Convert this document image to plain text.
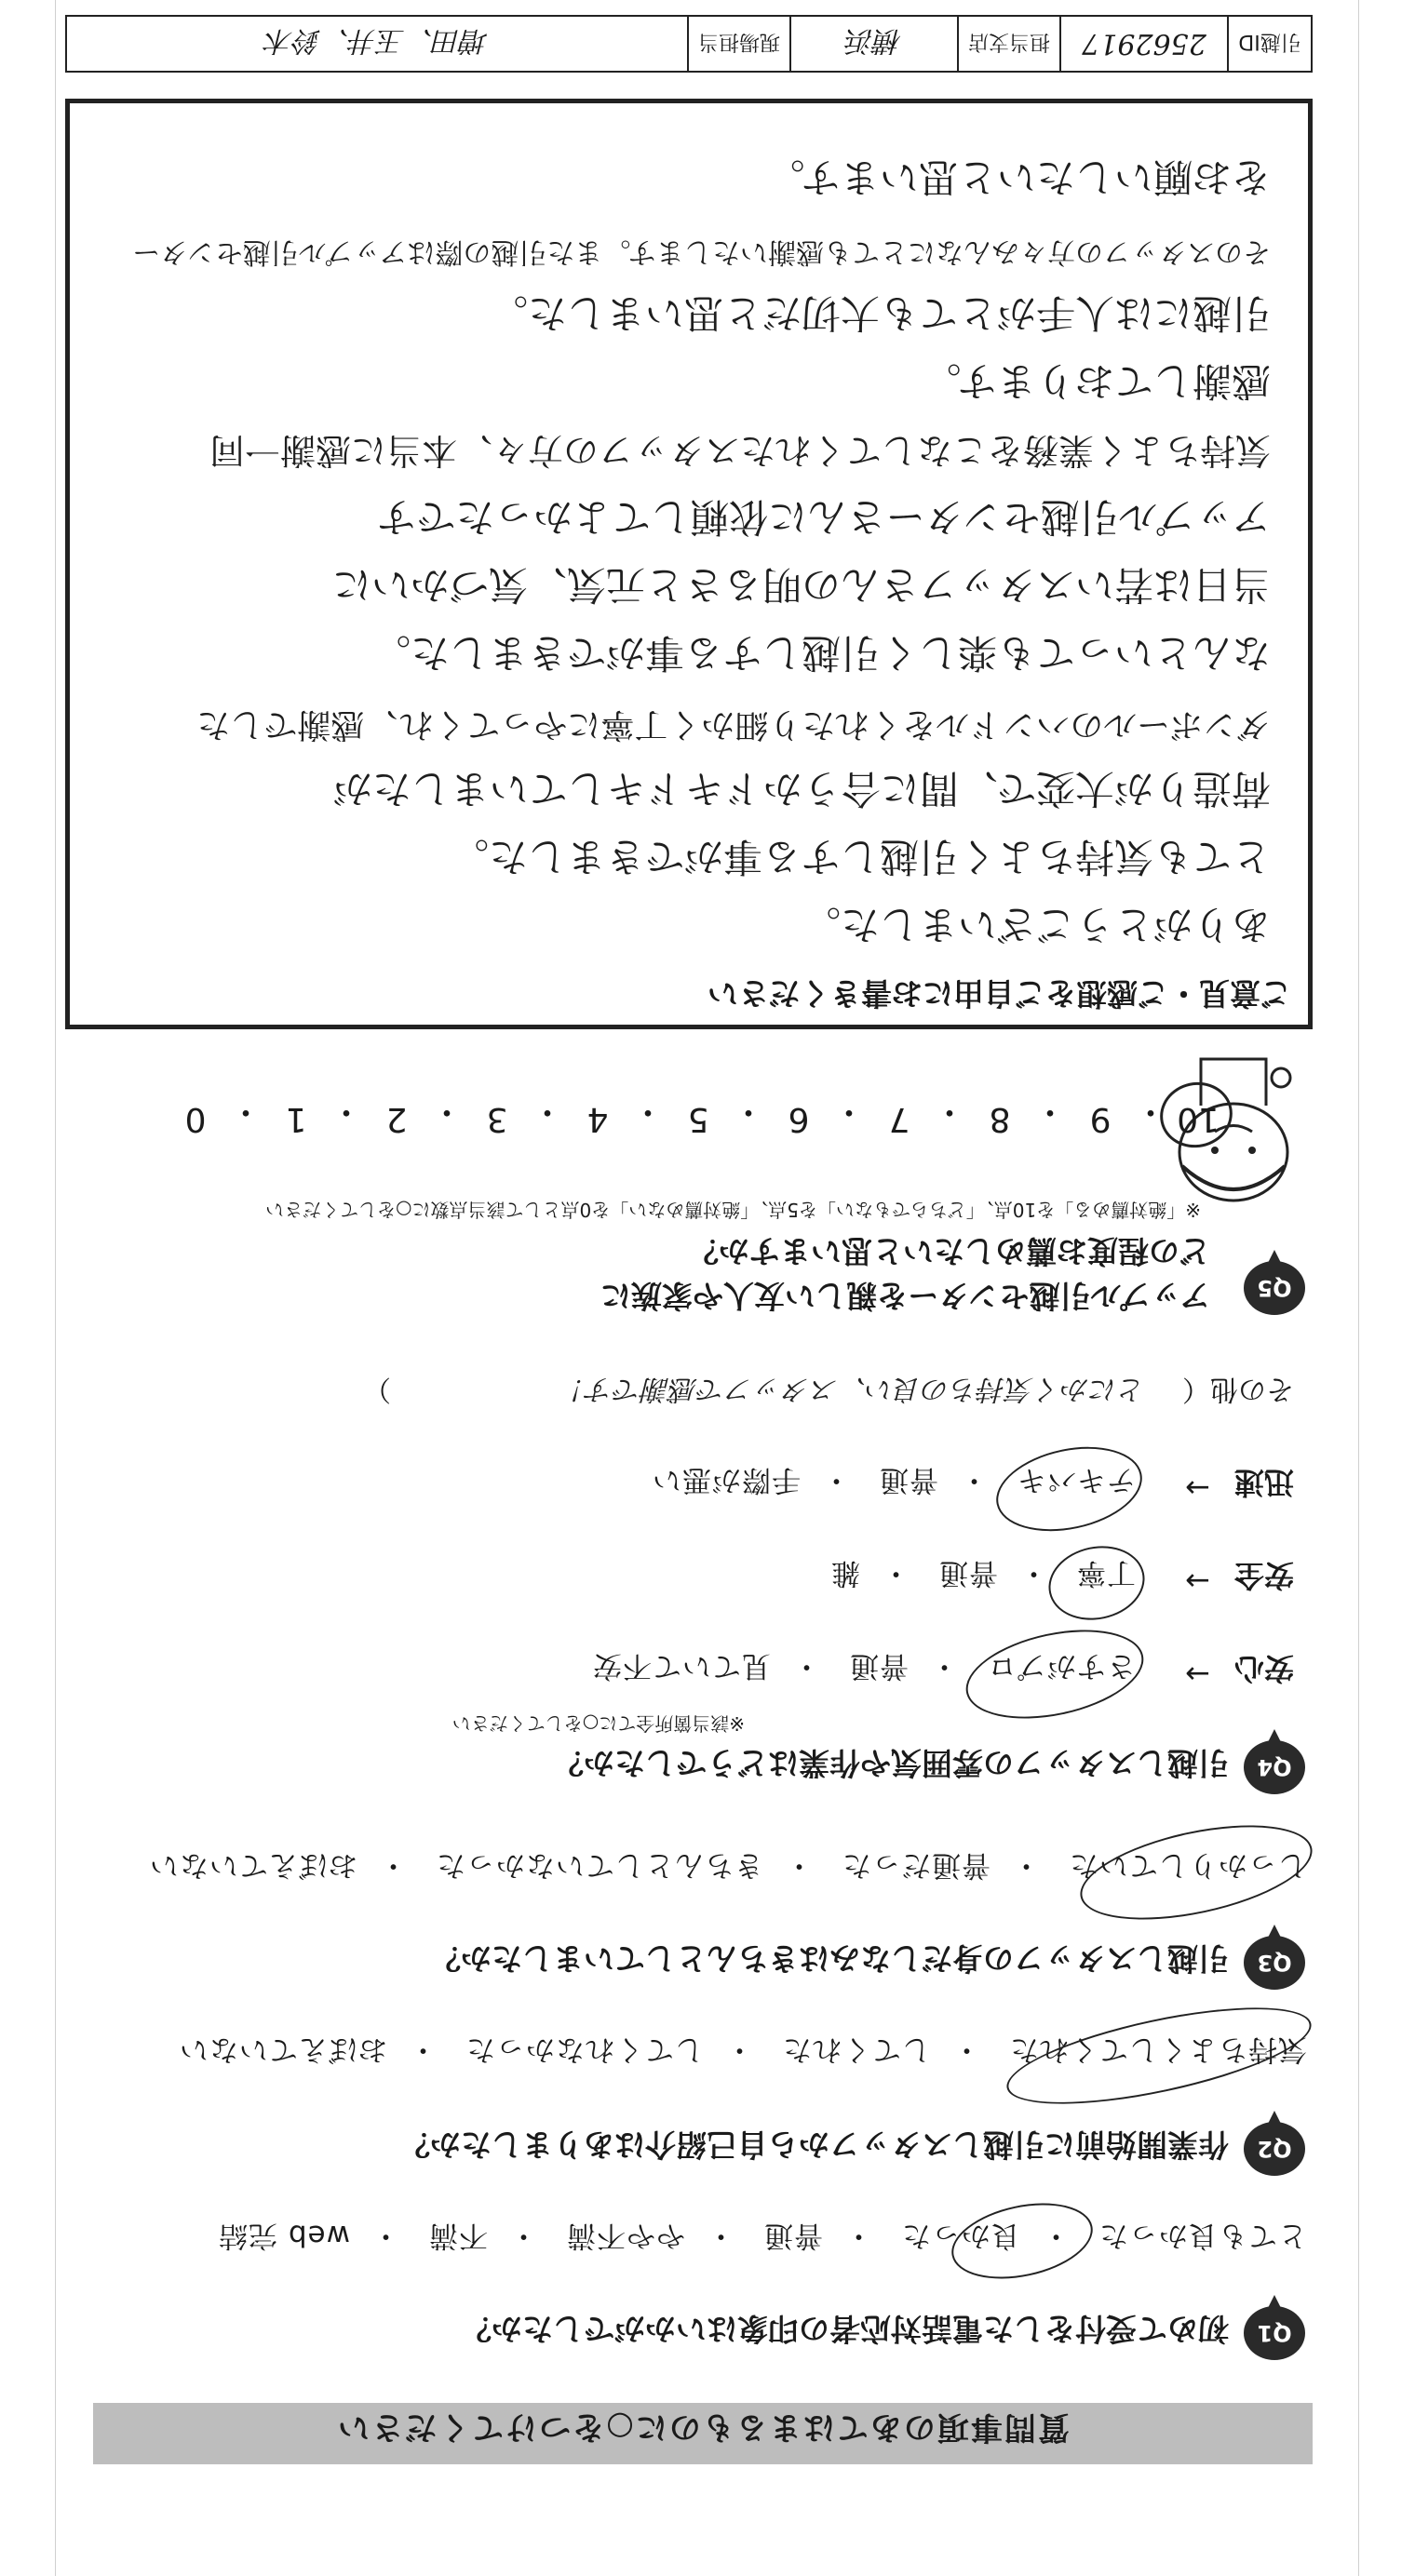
質問事項のあてはまるものに○をつけてください
Q1
初めて受付をした電話対応者の印象はいかがでしたか？
とても良かった・良かった・普通・やや不満・不満・web 完結
Q2
作業開始前に引越しスタッフから自己紹介はありましたか？
気持ちよくしてくれた・してくれた・してくれなかった・おぼえていない
Q3
引越しスタッフの身だしなみはきちんとしていましたか？
しっかりしていた・普通だった・きちんとしていなかった・おぼえていない
Q4
引越しスタッフの雰囲気や作業はどうでしたか？
※該当箇所全てに○をしてください
安心
→
さすがプロ・普通・見ていて不安
安全
→
丁寧・普通・雑
迅速
→
テキパキ・普通・手際が悪い
その他（ とにかく気持ちの良い、スタッフで感謝です！ ）
Q5
アップル引越センターを親しい友人や家族に
どの程度お薦めしたいと思いますか？
※「絶対薦める」を10点、「どちらでもない」を5点、「絶対薦めない」を0点として該当点数に○をしてください
10
・
9
・
8
・
7
・
6
・
5
・
4
・
3
・
2
・
1
・
0
ご意見・ご感想をご自由にお書きください
ありがとうございました。
とても気持ちよく引越しする事ができました。
荷造りが大変で、間に合うかドキドキしていましたが
ダンボールのハンドルをくれたり細かく丁寧にやってくれ、感謝でした
なんといっても楽しく引越しする事ができました。
当日は若いスタッフさんの明るさと元気、気づかいに
アップル引越センターさんに依頼してよかったです
気持ちよく業務をこなしてくれたスタッフの方々、本当に感謝一同
感謝しております。
引越には人手がとても大切だと思いました。
そのスタッフの方々みんなにとても感謝いたします。また引越の際はアップル引越センター
をお願いしたいと思います。
引越ID
2562917
担当支店
横浜
現場担当
増田、玉井、鈴木
